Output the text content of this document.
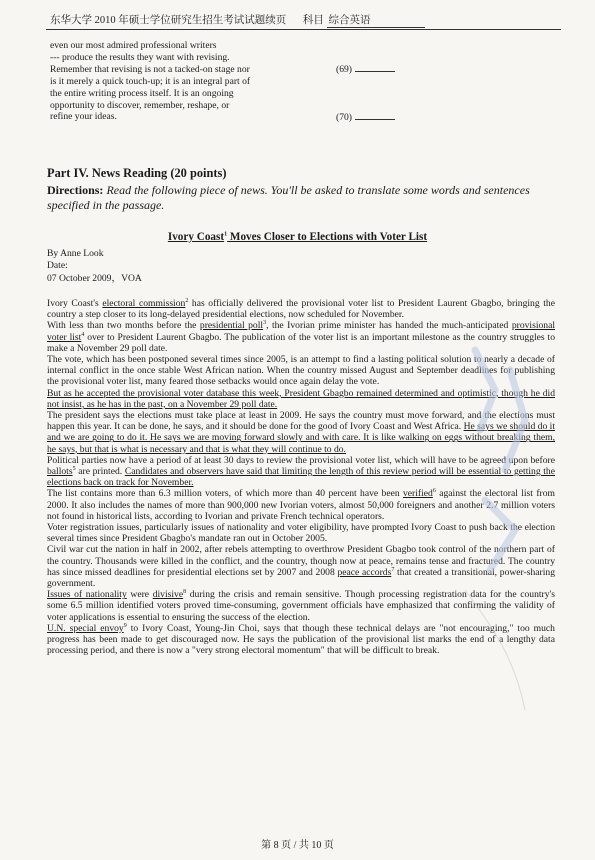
东华大学 2010 年硕士学位研究生招生考试试题续页 科目 综合英语
even our most admired professional writers
--- produce the results they want with revising.
Remember that revising is not a tacked-on stage nor
is it merely a quick touch-up; it is an integral part of
the entire writing process itself. It is an ongoing
opportunity to discover, remember, reshape, or
refine your ideas.
(69)
(70)
Part IV. News Reading (20 points)
Directions: Read the following piece of news. You'll be asked to translate some words and sentences specified in the passage.
Ivory Coast$^1$ Moves Closer to Elections with Voter List
By Anne Look
Date:
07 October 2009，VOA

Ivory Coast's electoral commission$^2$ has officially delivered the provisional voter list to President Laurent Gbagbo, bringing the country a step closer to its long-delayed presidential elections, now scheduled for November.

With less than two months before the presidential poll$^3$, the Ivorian prime minister has handed the much-anticipated provisional voter list$^4$ over to President Laurent Gbagbo. The publication of the voter list is an important milestone as the country struggles to make a November 29 poll date.

The vote, which has been postponed several times since 2005, is an attempt to find a lasting political solution to nearly a decade of internal conflict in the once stable West African nation. When the country missed August and September deadlines for publishing the provisional voter list, many feared those setbacks would once again delay the vote.

But as he accepted the provisional voter database this week, President Gbagbo remained determined and optimistic, though he did not insist, as he has in the past, on a November 29 poll date.

The president says the elections must take place at least in 2009. He says the country must move forward, and the elections must happen this year. It can be done, he says, and it should be done for the good of Ivory Coast and West Africa. He says we should do it and we are going to do it. He says we are moving forward slowly and with care. It is like walking on eggs without breaking them, he says, but that is what is necessary and that is what they will continue to do.

Political parties now have a period of at least 30 days to review the provisional voter list, which will have to be agreed upon before ballots$^5$ are printed. Candidates and observers have said that limiting the length of this review period will be essential to getting the elections back on track for November.

The list contains more than 6.3 million voters, of which more than 40 percent have been verified$^6$ against the electoral list from 2000. It also includes the names of more than 900,000 new Ivorian voters, almost 50,000 foreigners and another 2.7 million voters not found in historical lists, according to Ivorian and private French technical operators.

Voter registration issues, particularly issues of nationality and voter eligibility, have prompted Ivory Coast to push back the election several times since President Gbagbo's mandate ran out in October 2005.

Civil war cut the nation in half in 2002, after rebels attempting to overthrow President Gbagbo took control of the northern part of the country. Thousands were killed in the conflict, and the country, though now at peace, remains tense and fractured. The country has since missed deadlines for presidential elections set by 2007 and 2008 peace accords$^7$ that created a transitional, power-sharing government.

Issues of nationality were divisive$^8$ during the crisis and remain sensitive. Though processing registration data for the country's some 6.5 million identified voters proved time-consuming, government officials have emphasized that confirming the validity of voter applications is essential to ensuring the success of the election.

U.N. special envoy$^9$ to Ivory Coast, Young-Jin Choi, says that though these technical delays are "not encouraging," too much progress has been made to get discouraged now. He says the publication of the provisional list marks the end of a lengthy data processing period, and there is now a "very strong electoral momentum" that will be difficult to break.

第 8 页 / 共 10 页
